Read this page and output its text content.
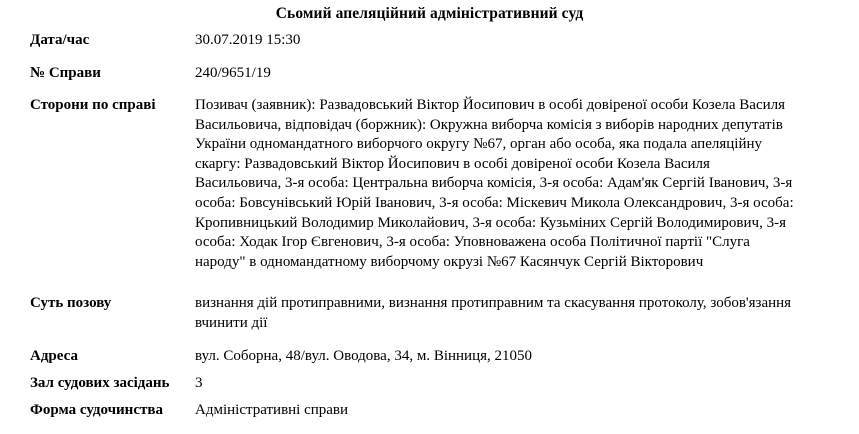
Сьомий апеляційний адміністративний суд
Дата/час	30.07.2019 15:30
№ Справи	240/9651/19
Сторони по справі	Позивач (заявник): Развадовський Віктор Йосипович в особі довіреної особи Козела Василя Васильовича, відповідач (боржник): Окружна виборча комісія з виборів народних депутатів України одномандатного виборчого округу №67, орган або особа, яка подала апеляційну скаргу: Развадовський Віктор Йосипович в особі довіреної особи Козела Василя Васильовича, 3-я особа: Центральна виборча комісія, 3-я особа: Адам'як Сергій Іванович, 3-я особа: Бовсунівський Юрій Іванович, 3-я особа: Міскевич Микола Олександрович, 3-я особа: Кропивницький Володимир Миколайович, 3-я особа: Кузьміних Сергій Володимирович, 3-я особа: Ходак Ігор Євгенович, 3-я особа: Уповноважена особа Політичної партії "Слуга народу" в одномандатному виборчому окрузі №67 Касянчук Сергій Вікторович

Суть позову	визнання дій протиправними, визнання протиправним та скасування протоколу, зобов'язання вчинити дії

Адреса	вул. Соборна, 48/вул. Оводова, 34, м. Вінниця, 21050
Зал судових засідань	3
Форма судочинства	Адміністративні справи
